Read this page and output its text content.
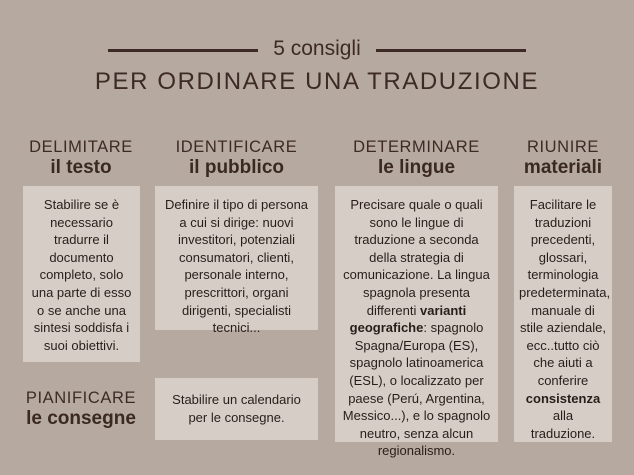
5 consigli
PER ORDINARE UNA TRADUZIONE
DELIMITARE
il testo
Stabilire se è necessario tradurre il documento completo, solo una parte di esso o se anche una sintesi soddisfa i suoi obiettivi.
IDENTIFICARE
il pubblico
Definire il tipo di persona a cui si dirige: nuovi investitori, potenziali consumatori, clienti, personale interno, prescrittori, organi dirigenti, specialisti tecnici...
DETERMINARE
le lingue
Precisare quale o quali sono le lingue di traduzione a seconda della strategia di comunicazione. La lingua spagnola presenta differenti varianti geografiche: spagnolo Spagna/Europa (ES), spagnolo latinoamerica (ESL), o localizzato per paese (Perú, Argentina, Messico...), e lo spagnolo neutro, senza alcun regionalismo.
RIUNIRE
materiali
Facilitare le traduzioni precedenti, glossari, terminologia predeterminata, manuale di stile aziendale, ecc..tutto ciò che aiuti a conferire consistenza alla traduzione.
PIANIFICARE
le consegne
Stabilire un calendario per le consegne.
